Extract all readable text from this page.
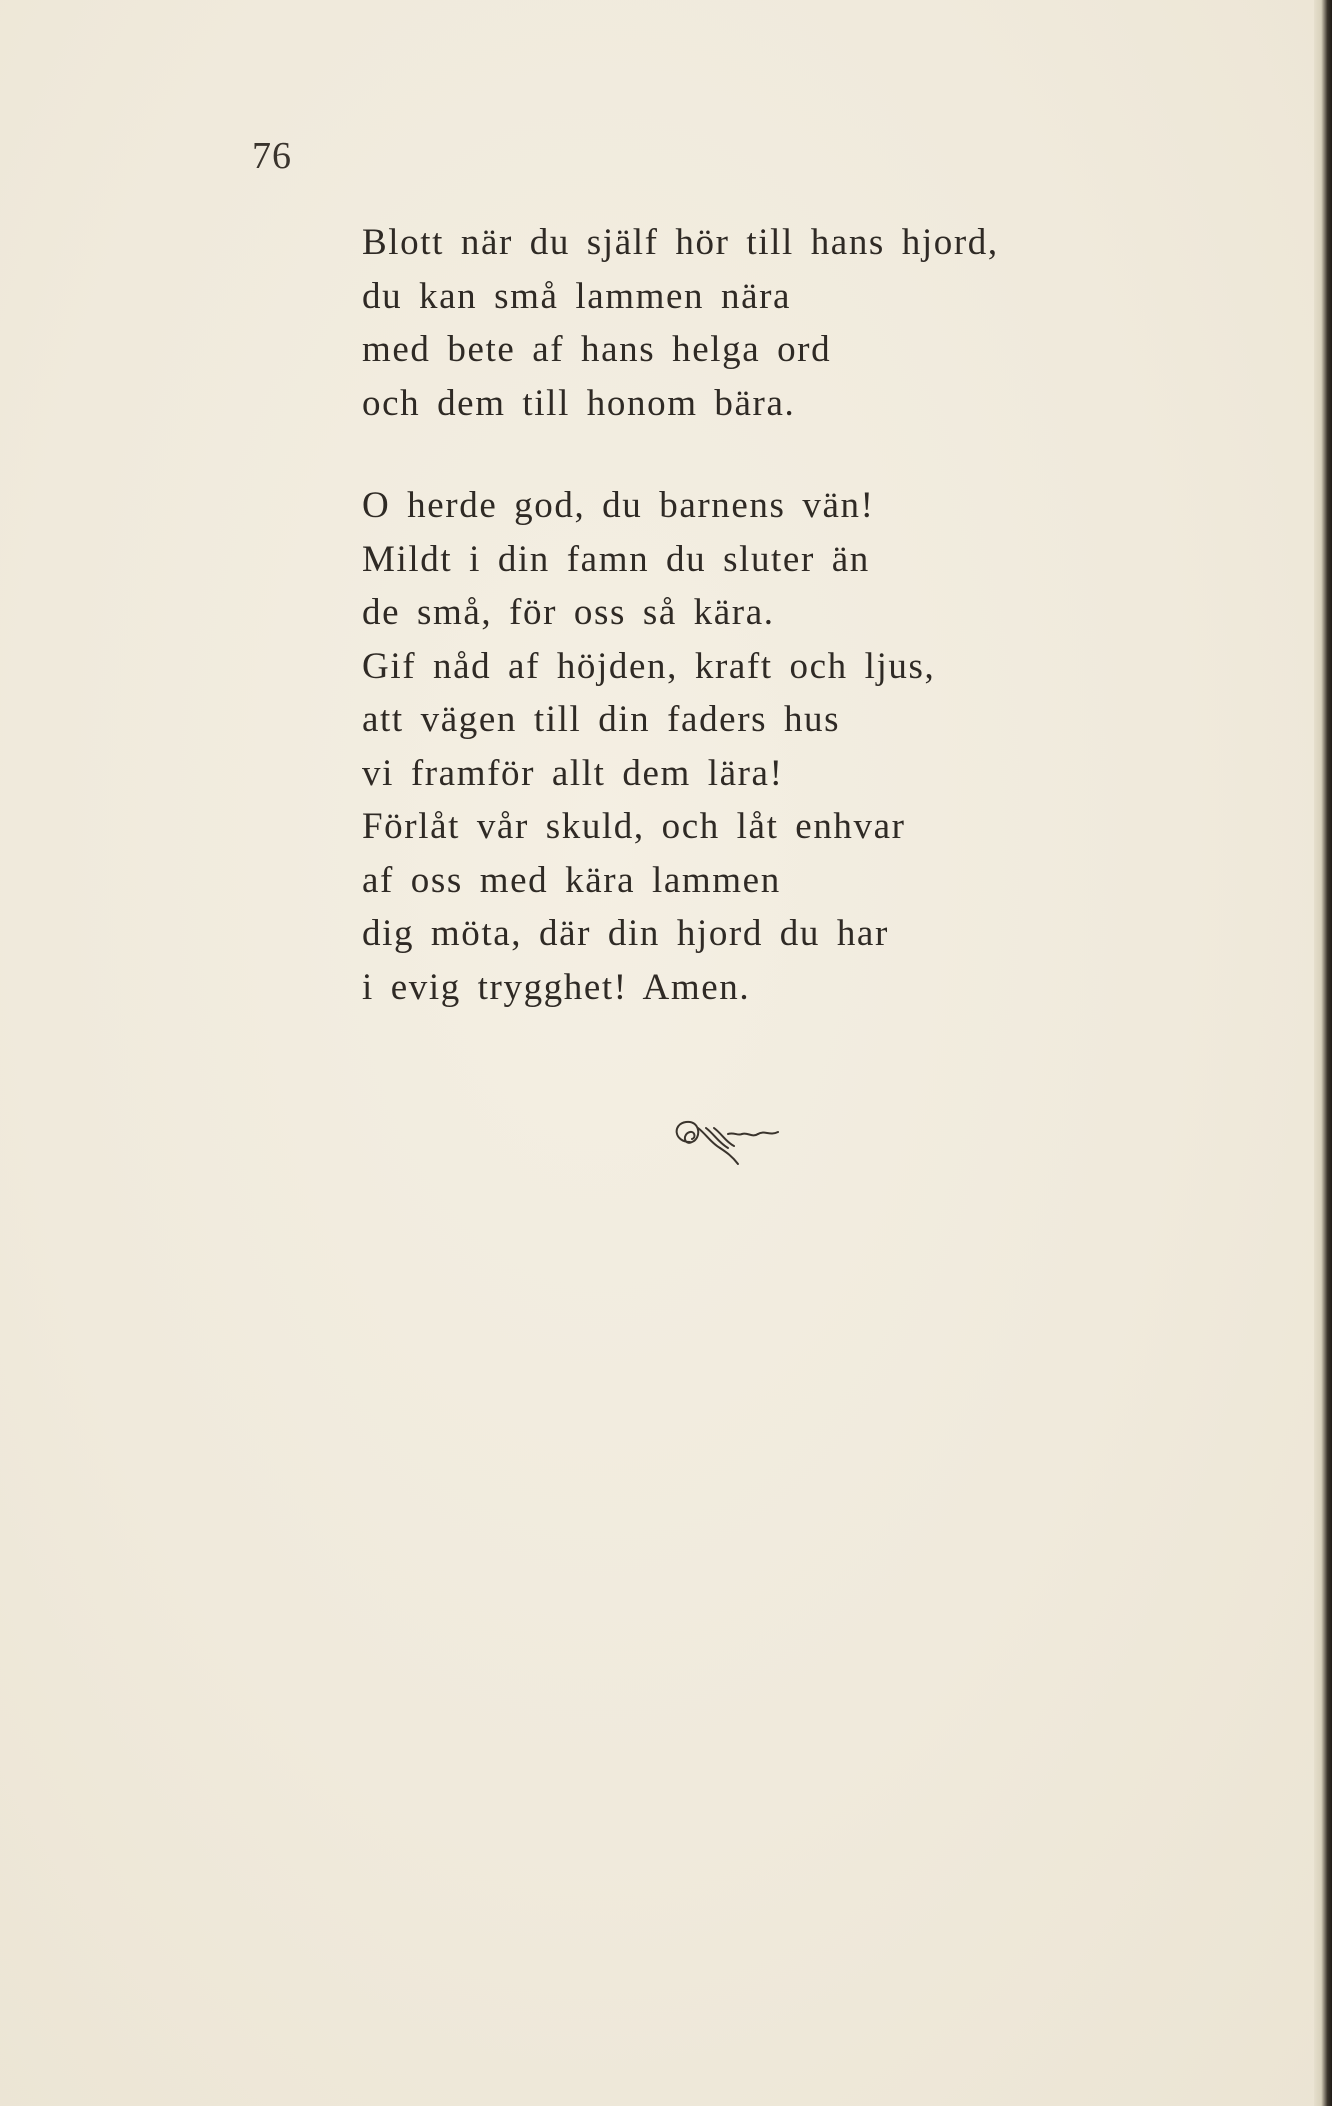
76
Blott när du själf hör till hans hjord,
du kan små lammen nära
med bete af hans helga ord
och dem till honom bära.
O herde god, du barnens vän!
Mildt i din famn du sluter än
de små, för oss så kära.
Gif nåd af höjden, kraft och ljus,
att vägen till din faders hus
vi framför allt dem lära!
Förlåt vår skuld, och låt enhvar
af oss med kära lammen
dig möta, där din hjord du har
i evig trygghet! Amen.
